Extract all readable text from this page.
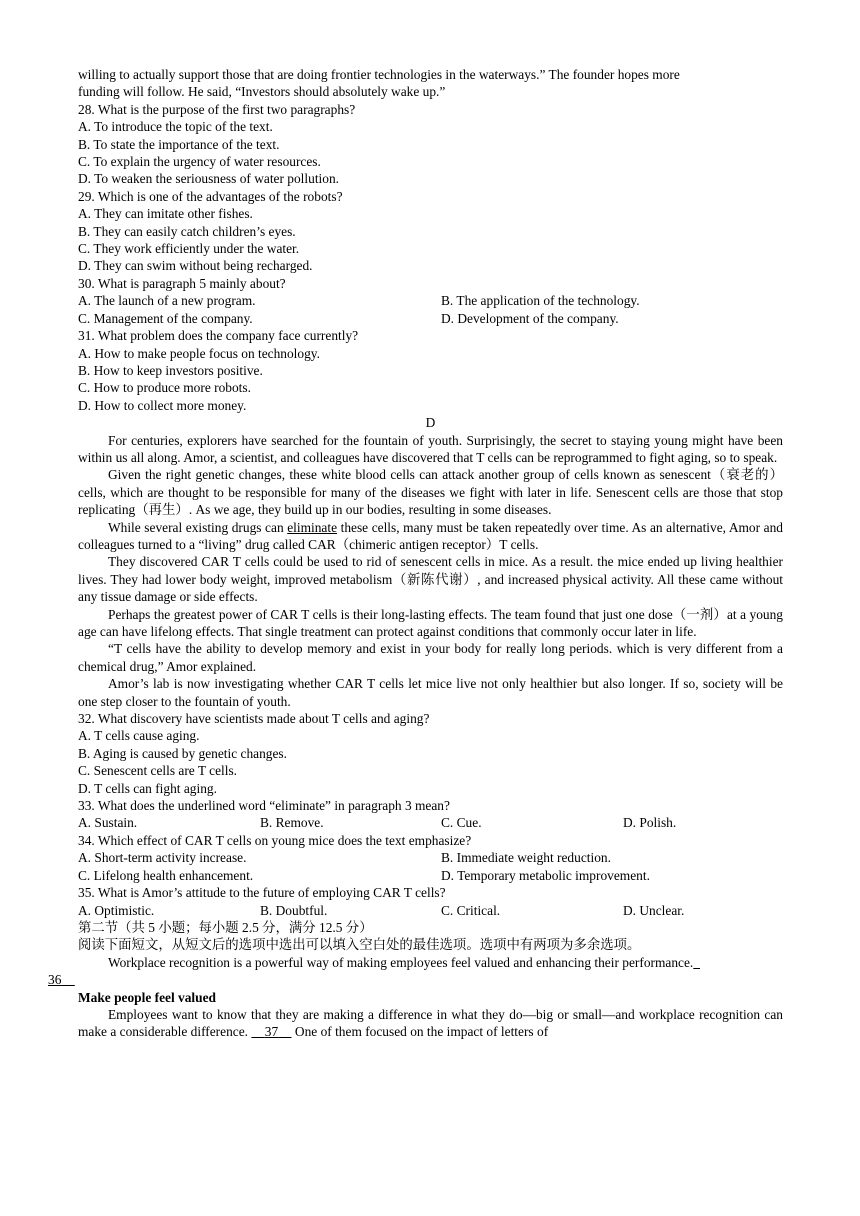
willing to actually support those that are doing frontier technologies in the waterways.” The founder hopes more
funding will follow. He said, “Investors should absolutely wake up.”
28. What is the purpose of the first two paragraphs?
A. To introduce the topic of the text.
B. To state the importance of the text.
C. To explain the urgency of water resources.
D. To weaken the seriousness of water pollution.
29. Which is one of the advantages of the robots?
A. They can imitate other fishes.
B. They can easily catch children’s eyes.
C. They work efficiently under the water.
D. They can swim without being recharged.
30. What is paragraph 5 mainly about?
A. The launch of a new program.	B. The application of the technology.
C. Management of the company.	D. Development of the company.
31. What problem does the company face currently?
A. How to make people focus on technology.
B. How to keep investors positive.
C. How to produce more robots.
D. How to collect more money.
D
For centuries, explorers have searched for the fountain of youth. Surprisingly, the secret to staying young might have been within us all along. Amor, a scientist, and colleagues have discovered that T cells can be reprogrammed to fight aging, so to speak.
Given the right genetic changes, these white blood cells can attack another group of cells known as senescent（衰老的）cells, which are thought to be responsible for many of the diseases we fight with later in life. Senescent cells are those that stop replicating（再生）. As we age, they build up in our bodies, resulting in some diseases.
While several existing drugs can eliminate these cells, many must be taken repeatedly over time. As an alternative, Amor and colleagues turned to a “living” drug called CAR（chimeric antigen receptor）T cells.
They discovered CAR T cells could be used to rid of senescent cells in mice. As a result. the mice ended up living healthier lives. They had lower body weight, improved metabolism（新陈代谢）, and increased physical activity. All these came without any tissue damage or side effects.
Perhaps the greatest power of CAR T cells is their long-lasting effects. The team found that just one dose（一剂）at a young age can have lifelong effects. That single treatment can protect against conditions that commonly occur later in life.
“T cells have the ability to develop memory and exist in your body for really long periods. which is very different from a chemical drug,” Amor explained.
Amor’s lab is now investigating whether CAR T cells let mice live not only healthier but also longer. If so, society will be one step closer to the fountain of youth.
32. What discovery have scientists made about T cells and aging?
A. T cells cause aging.
B. Aging is caused by genetic changes.
C. Senescent cells are T cells.
D. T cells can fight aging.
33. What does the underlined word “eliminate” in paragraph 3 mean?
A. Sustain.	B. Remove.	C. Cue.	D. Polish.
34. Which effect of CAR T cells on young mice does the text emphasize?
A. Short-term activity increase.	B. Immediate weight reduction.
C. Lifelong health enhancement.	D. Temporary metabolic improvement.
35. What is Amor’s attitude to the future of employing CAR T cells?
A. Optimistic.	B. Doubtful.	C. Critical.	D. Unclear.
第二节（共 5 小题；每小题 2.5 分，满分 12.5 分）
阅读下面短文，从短文后的选项中选出可以填入空白处的最佳选项。选项中有两项为多余选项。
Workplace recognition is a powerful way of making employees feel valued and enhancing their performance.
36
Make people feel valued
Employees want to know that they are making a difference in what they do—big or small—and workplace recognition can make a considerable difference. 37 One of them focused on the impact of letters of
